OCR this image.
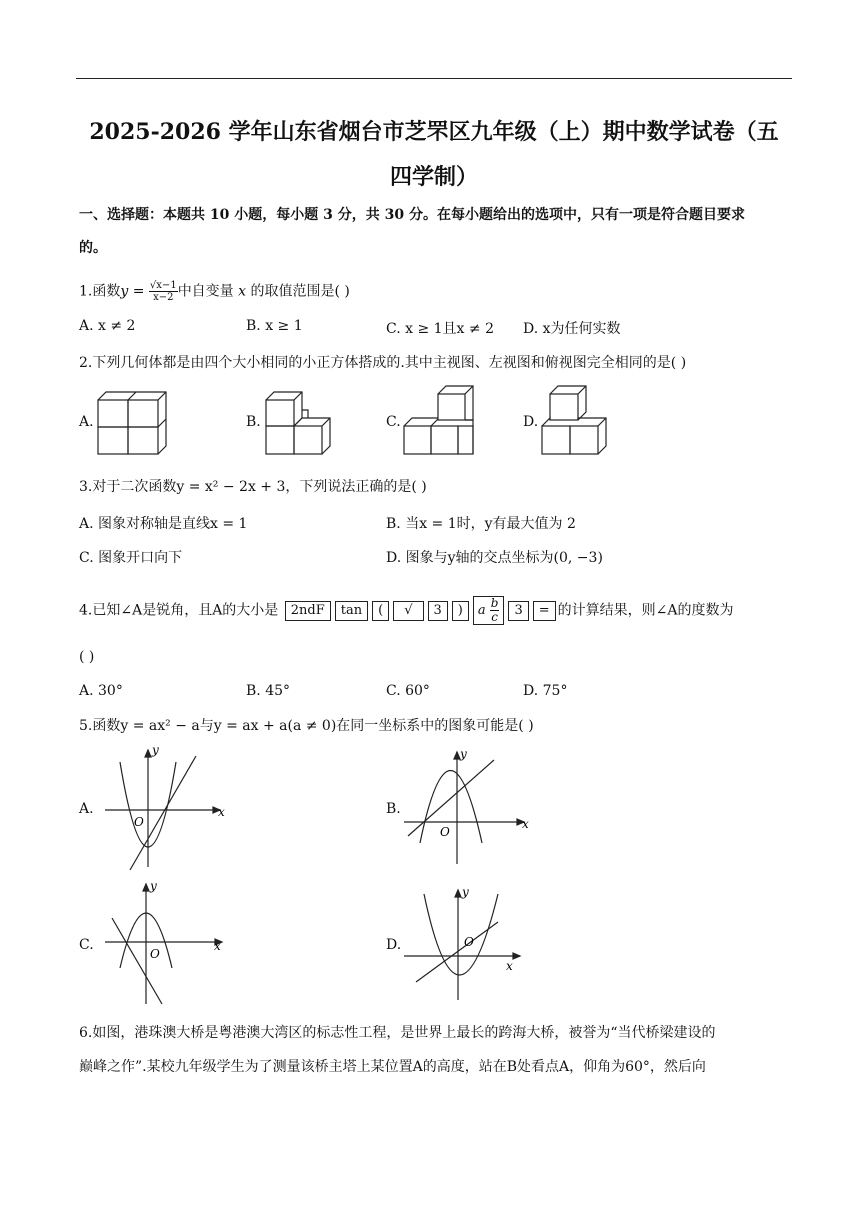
2025-2026 学年山东省烟台市芝罘区九年级（上）期中数学试卷（五
四学制）
一、选择题：本题共 10 小题，每小题 3 分，共 30 分。在每小题给出的选项中，只有一项是符合题目要求
的。
1.函数$y = \frac{√x-1}{x-2}$ 中自变量 x 的取值范围是( )
A. x ≠ 2	B. x ≥ 1	C. x ≥ 1且x ≠ 2 D. x为任何实数
2.下列几何体都是由四个大小相同的小正方体搭成的.其中主视图、左视图和俯视图完全相同的是( )
A.	B.	C.	D.
3.对于二次函数y = x² − 2x + 3，下列说法正确的是( )
A. 图象对称轴是直线x = 1	B. 当x = 1时，y有最大值为 2
C. 图象开口向下	D. 图象与y轴的交点坐标为(0, −3)
4.已知∠A是锐角，且A的大小是 2ndF tan ( √ 3 ) a $\frac{b}{c} 3$ = 的计算结果，则∠A的度数为
( )
A. 30°	B. 45°	C. 60°	D. 75°
5.函数y = ax² − a与y = ax + a(a ≠ 0)在同一坐标系中的图象可能是( )
A.	B.
C.	D.
y
x
O
y
x
O
y
x
O
y
x
O
6.如图，港珠澳大桥是粤港澳大湾区的标志性工程，是世界上最长的跨海大桥，被誉为“当代桥梁建设的
巅峰之作”.某校九年级学生为了测量该桥主塔上某位置A的高度，站在B处看点A，仰角为60°，然后向
